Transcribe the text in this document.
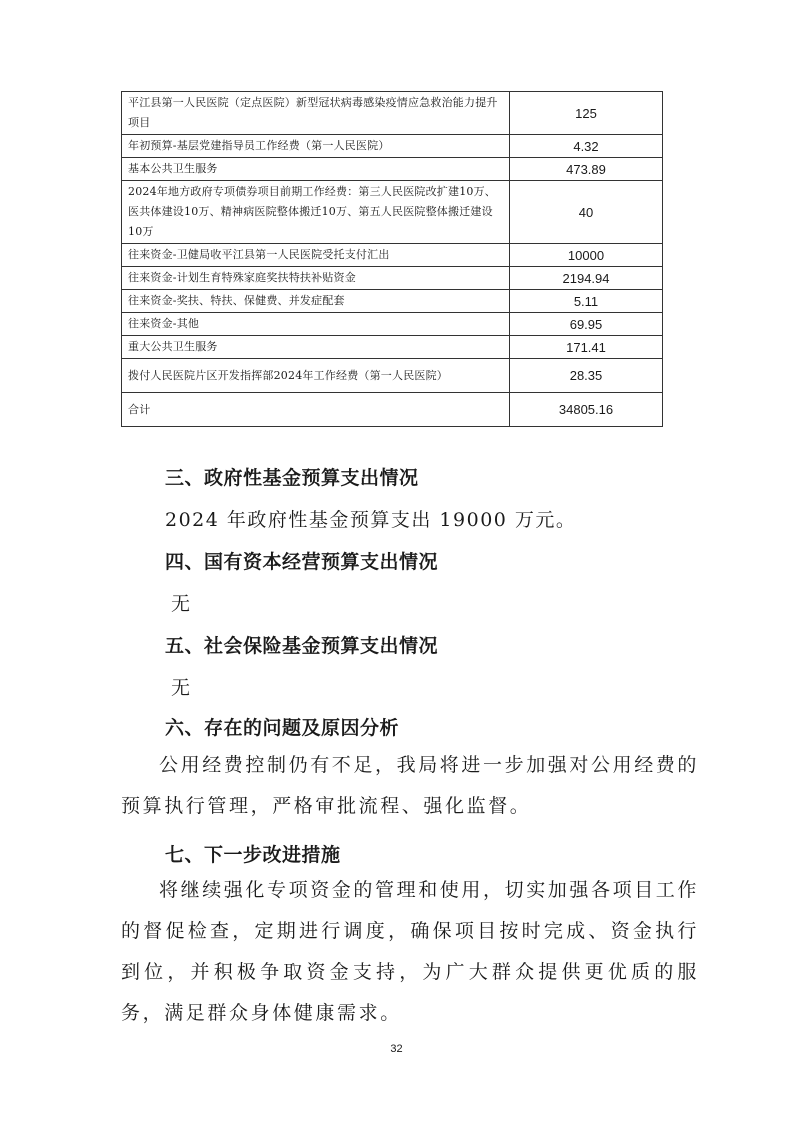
平江县第一人民医院（定点医院）新型冠状病毒感染疫情应急救治能力提升项目	125
年初预算-基层党建指导员工作经费（第一人民医院）	4.32
基本公共卫生服务	473.89
2024年地方政府专项债券项目前期工作经费：第三人民医院改扩建10万、医共体建设10万、精神病医院整体搬迁10万、第五人民医院整体搬迁建设10万	40
往来资金-卫健局收平江县第一人民医院受托支付汇出	10000
往来资金-计划生育特殊家庭奖扶特扶补贴资金	2194.94
往来资金-奖扶、特扶、保健费、并发症配套	5.11
往来资金-其他	69.95
重大公共卫生服务	171.41
拨付人民医院片区开发指挥部2024年工作经费（第一人民医院）	28.35
合计	34805.16
三、政府性基金预算支出情况

2024 年政府性基金预算支出 19000 万元。

四、国有资本经营预算支出情况

无

五、社会保险基金预算支出情况

无

六、存在的问题及原因分析

公用经费控制仍有不足，我局将进一步加强对公用经费的预算执行管理，严格审批流程、强化监督。

七、下一步改进措施

将继续强化专项资金的管理和使用，切实加强各项目工作的督促检查，定期进行调度，确保项目按时完成、资金执行到位，并积极争取资金支持，为广大群众提供更优质的服务，满足群众身体健康需求。

32
